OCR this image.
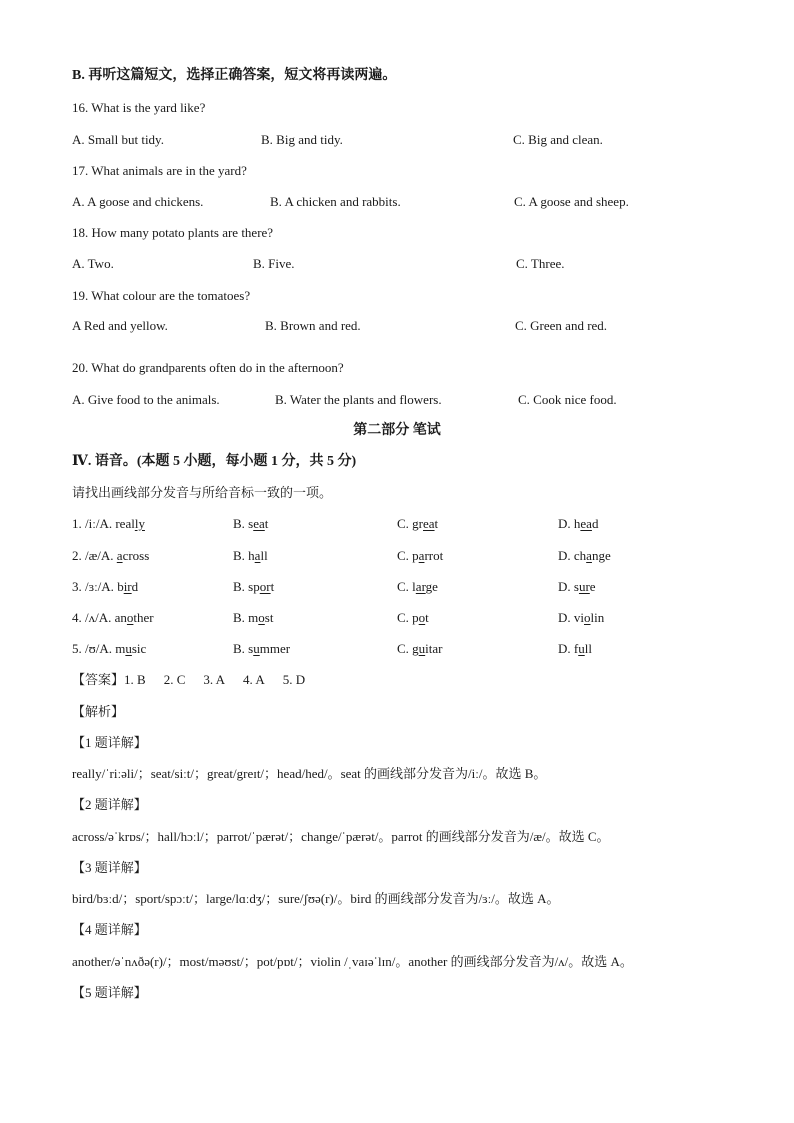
B. 再听这篇短文，选择正确答案，短文将再读两遍。
16. What is the yard like?
A. Small but tidy.	B. Big and tidy.	C. Big and clean.
17. What animals are in the yard?
A. A goose and chickens.	B. A chicken and rabbits.	C. A goose and sheep.
18. How many potato plants are there?
A. Two.	B. Five.	C. Three.
19. What colour are the tomatoes?
A Red and yellow.	B. Brown and red.	C. Green and red.
20. What do grandparents often do in the afternoon?
A. Give food to the animals.	B. Water the plants and flowers.	C. Cook nice food.
第二部分 笔试
Ⅳ. 语音。(本题 5 小题，每小题 1 分，共 5 分)
请找出画线部分发音与所给音标一致的一项。
1. /iː/A. really	B. seat	C. great	D. head
2. /æ/A. across	B. hall	C. parrot	D. change
3. /ɜː/A. bird	B. sport	C. large	D. sure
4. /ʌ/A. another	B. most	C. pot	D. violin
5. /ʊ/A. music	B. summer	C. guitar	D. full
【答案】1. B 2. C 3. A 4. A 5. D
【解析】
【1 题详解】
really/ˈriːəli/；seat/siːt/；great/greɪt/；head/hed/。seat 的画线部分发音为/iː/。故选 B。
【2 题详解】
across/əˈkrɒs/；hall/hɔːl/；parrot/ˈpærət/；change/ˈpærət/。parrot 的画线部分发音为/æ/。故选 C。
【3 题详解】
bird/bɜːd/；sport/spɔːt/；large/lɑːdʒ/；sure/ʃʊə(r)/。bird 的画线部分发音为/ɜː/。故选 A。
【4 题详解】
another/əˈnʌðə(r)/；most/məʊst/；pot/pɒt/；violin /ˌvaɪəˈlɪn/。another 的画线部分发音为/ʌ/。故选 A。
【5 题详解】
